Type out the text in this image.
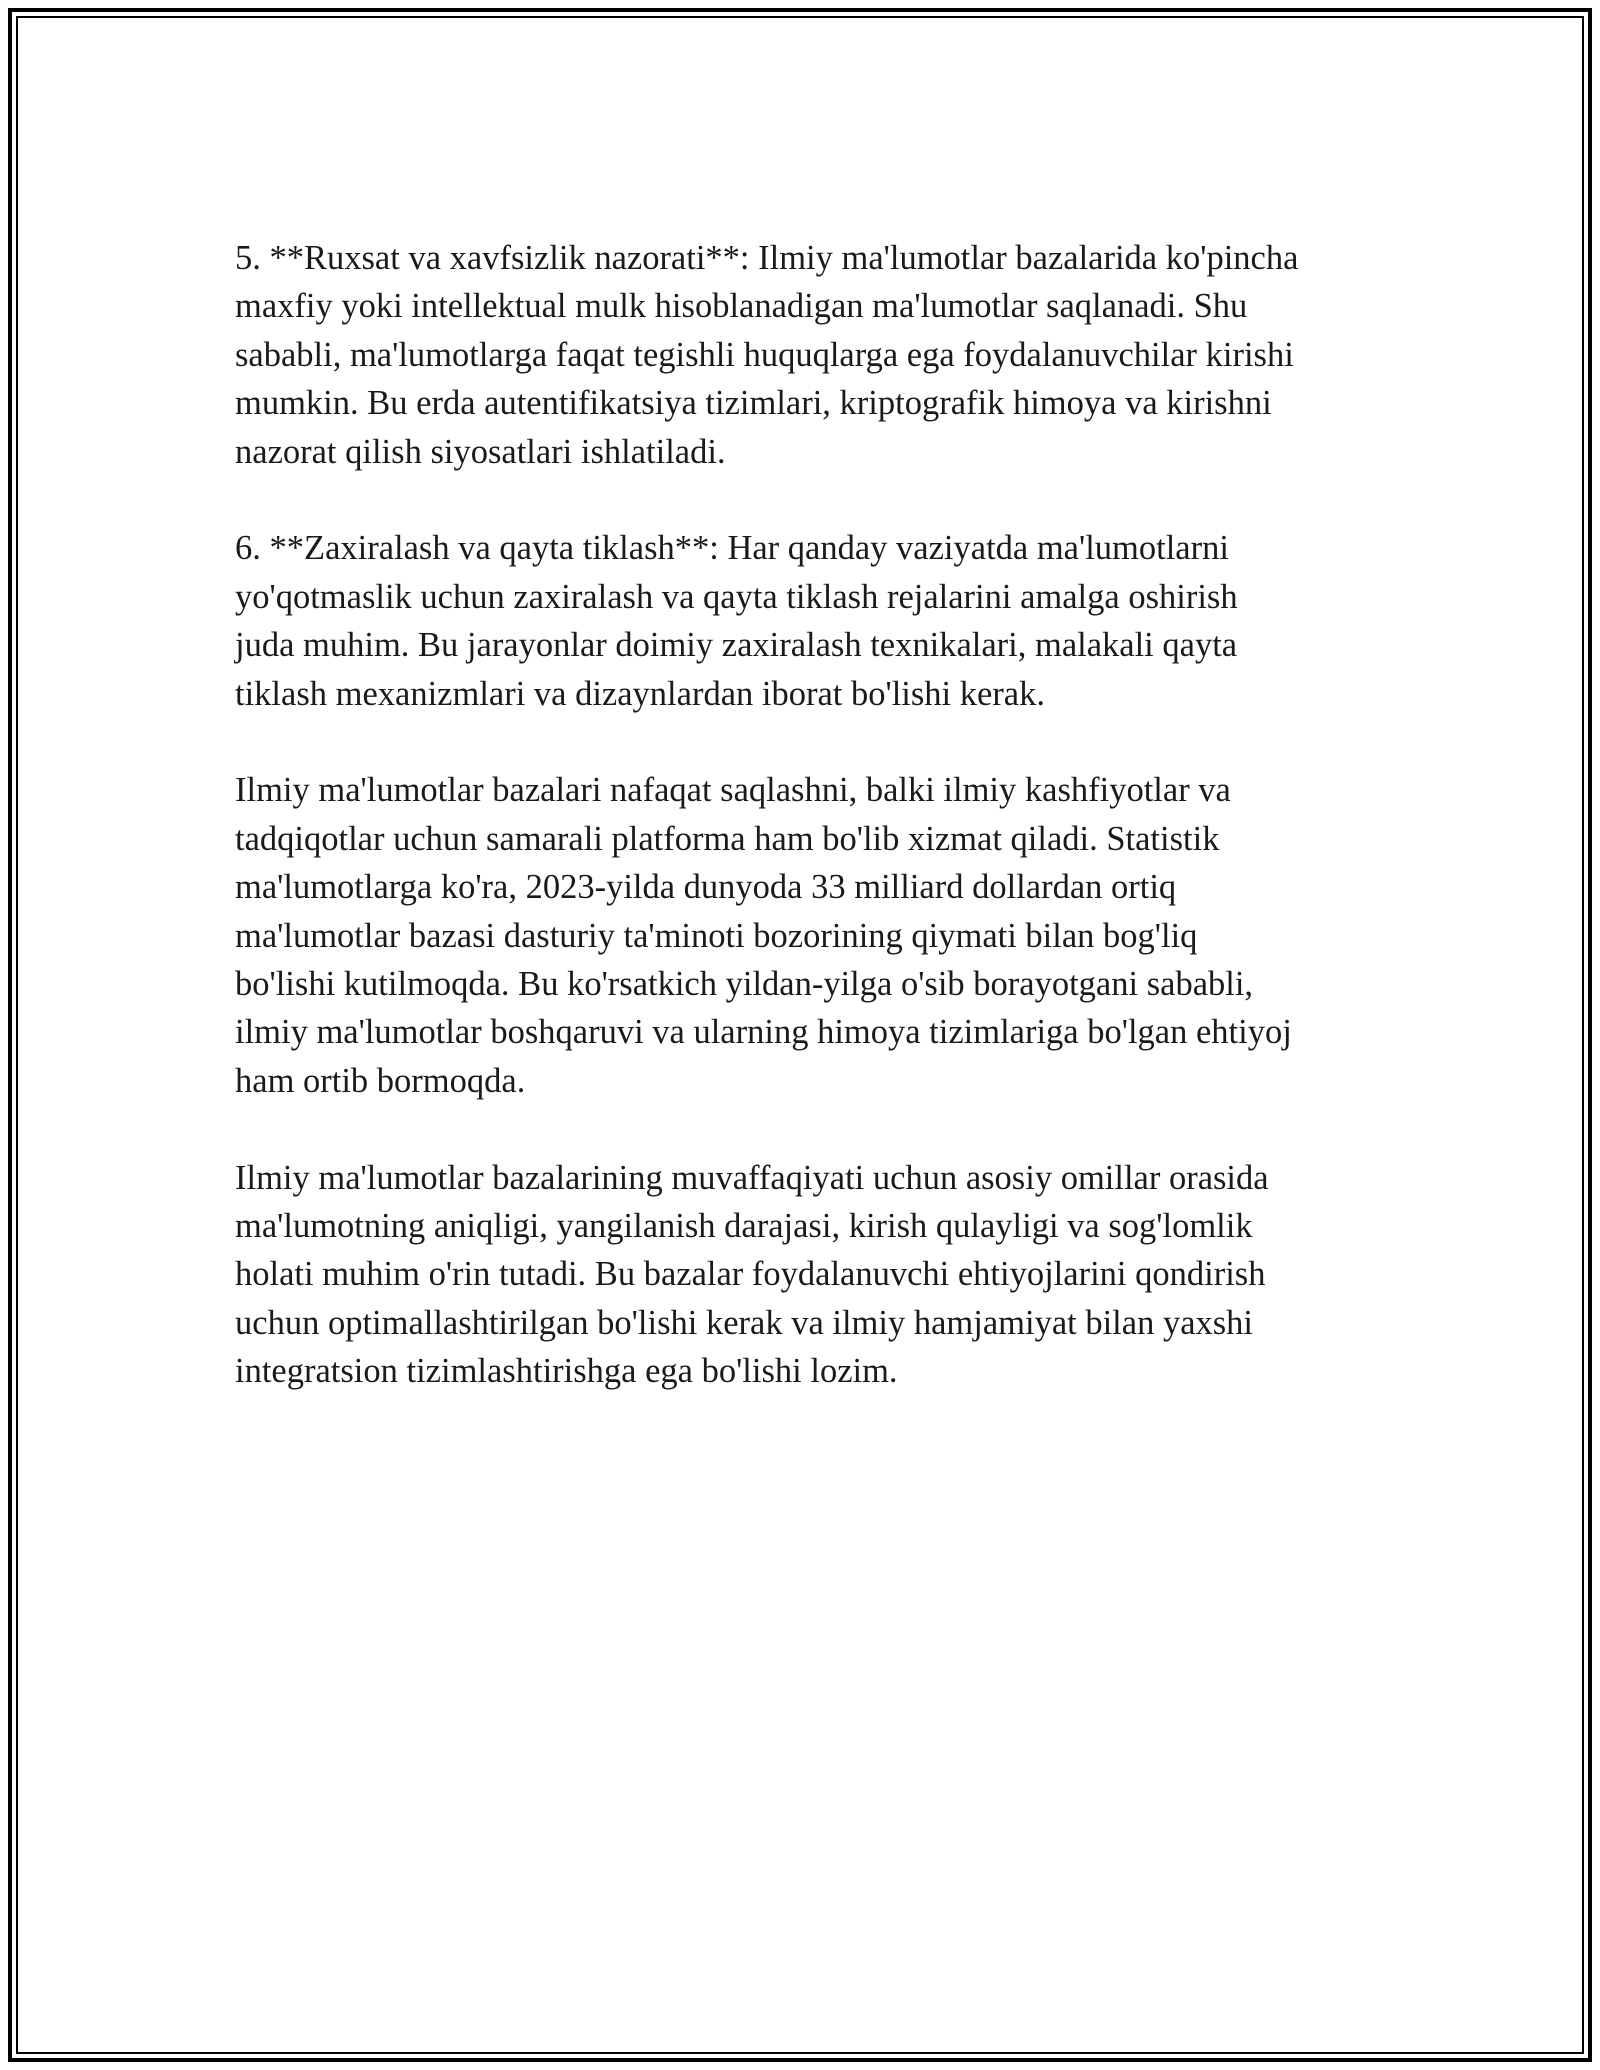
5. **Ruxsat va xavfsizlik nazorati**: Ilmiy ma'lumotlar bazalarida ko'pincha
maxfiy yoki intellektual mulk hisoblanadigan ma'lumotlar saqlanadi. Shu
sababli, ma'lumotlarga faqat tegishli huquqlarga ega foydalanuvchilar kirishi
mumkin. Bu erda autentifikatsiya tizimlari, kriptografik himoya va kirishni
nazorat qilish siyosatlari ishlatiladi.

6. **Zaxiralash va qayta tiklash**: Har qanday vaziyatda ma'lumotlarni
yo'qotmaslik uchun zaxiralash va qayta tiklash rejalarini amalga oshirish
juda muhim. Bu jarayonlar doimiy zaxiralash texnikalari, malakali qayta
tiklash mexanizmlari va dizaynlardan iborat bo'lishi kerak.

Ilmiy ma'lumotlar bazalari nafaqat saqlashni, balki ilmiy kashfiyotlar va
tadqiqotlar uchun samarali platforma ham bo'lib xizmat qiladi. Statistik
ma'lumotlarga ko'ra, 2023-yilda dunyoda 33 milliard dollardan ortiq
ma'lumotlar bazasi dasturiy ta'minoti bozorining qiymati bilan bog'liq
bo'lishi kutilmoqda. Bu ko'rsatkich yildan-yilga o'sib borayotgani sababli,
ilmiy ma'lumotlar boshqaruvi va ularning himoya tizimlariga bo'lgan ehtiyoj
ham ortib bormoqda.

Ilmiy ma'lumotlar bazalarining muvaffaqiyati uchun asosiy omillar orasida
ma'lumotning aniqligi, yangilanish darajasi, kirish qulayligi va sog'lomlik
holati muhim o'rin tutadi. Bu bazalar foydalanuvchi ehtiyojlarini qondirish
uchun optimallashtirilgan bo'lishi kerak va ilmiy hamjamiyat bilan yaxshi
integratsion tizimlashtirishga ega bo'lishi lozim.
